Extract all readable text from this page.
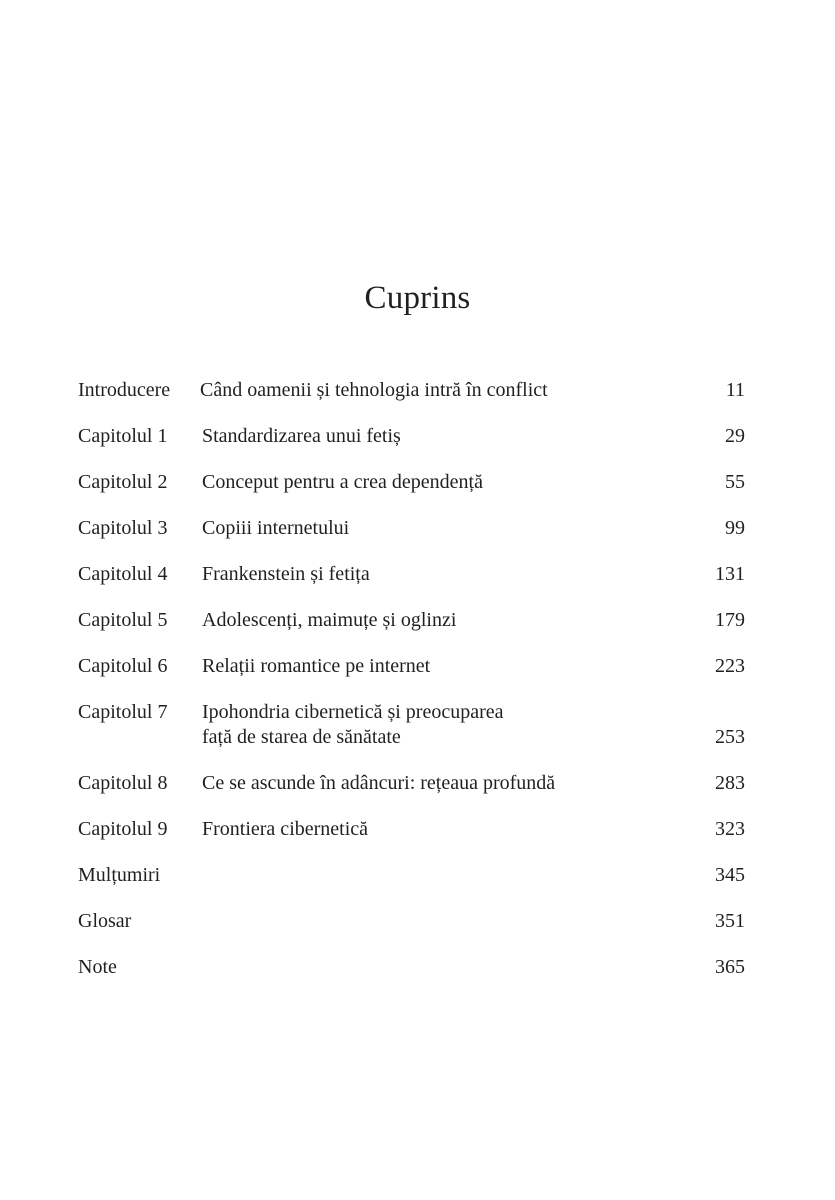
Cuprins
Introducere	Când oamenii și tehnologia intră în conflict	11
Capitolul 1	Standardizarea unui fetiș	29
Capitolul 2	Conceput pentru a crea dependență	55
Capitolul 3	Copiii internetului	99
Capitolul 4	Frankenstein și fetița	131
Capitolul 5	Adolescenți, maimuțe și oglinzi	179
Capitolul 6	Relații romantice pe internet	223
Capitolul 7	Ipohondria cibernetică și preocuparea
față de starea de sănătate	253
Capitolul 8	Ce se ascunde în adâncuri: rețeaua profundă	283
Capitolul 9	Frontiera cibernetică	323
Mulțumiri	345
Glosar	351
Note	365
